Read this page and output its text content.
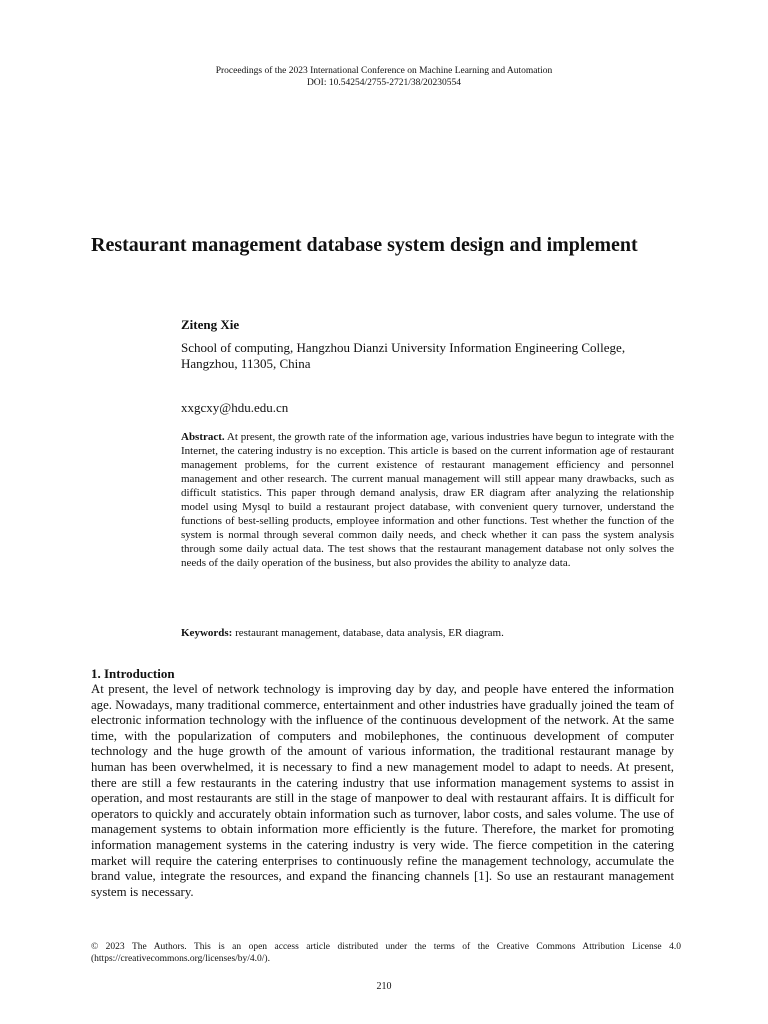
Proceedings of the 2023 International Conference on Machine Learning and Automation
DOI: 10.54254/2755-2721/38/20230554
Restaurant management database system design and implement
Ziteng Xie
School of computing, Hangzhou Dianzi University Information Engineering College, Hangzhou, 11305, China
xxgcxy@hdu.edu.cn

Abstract. At present, the growth rate of the information age, various industries have begun to integrate with the Internet, the catering industry is no exception. This article is based on the current information age of restaurant management problems, for the current existence of restaurant management efficiency and personnel management and other research. The current manual management will still appear many drawbacks, such as difficult statistics. This paper through demand analysis, draw ER diagram after analyzing the relationship model using Mysql to build a restaurant project database, with convenient query turnover, understand the functions of best-selling products, employee information and other functions. Test whether the function of the system is normal through several common daily needs, and check whether it can pass the system analysis through some daily actual data. The test shows that the restaurant management database not only solves the needs of the daily operation of the business, but also provides the ability to analyze data.

Keywords: restaurant management, database, data analysis, ER diagram.

1. Introduction

At present, the level of network technology is improving day by day, and people have entered the information age. Nowadays, many traditional commerce, entertainment and other industries have gradually joined the team of electronic information technology with the influence of the continuous development of the network. At the same time, with the popularization of computers and mobilephones, the continuous development of computer technology and the huge growth of the amount of various information, the traditional restaurant manage by human has been overwhelmed, it is necessary to find a new management model to adapt to needs. At present, there are still a few restaurants in the catering industry that use information management systems to assist in operation, and most restaurants are still in the stage of manpower to deal with restaurant affairs. It is difficult for operators to quickly and accurately obtain information such as turnover, labor costs, and sales volume. The use of management systems to obtain information more efficiently is the future. Therefore, the market for promoting information management systems in the catering industry is very wide. The fierce competition in the catering market will require the catering enterprises to continuously refine the management technology, accumulate the brand value, integrate the resources, and expand the financing channels [1]. So use an restaurant management system is necessary.

© 2023 The Authors. This is an open access article distributed under the terms of the Creative Commons Attribution License 4.0 (https://creativecommons.org/licenses/by/4.0/).

210
